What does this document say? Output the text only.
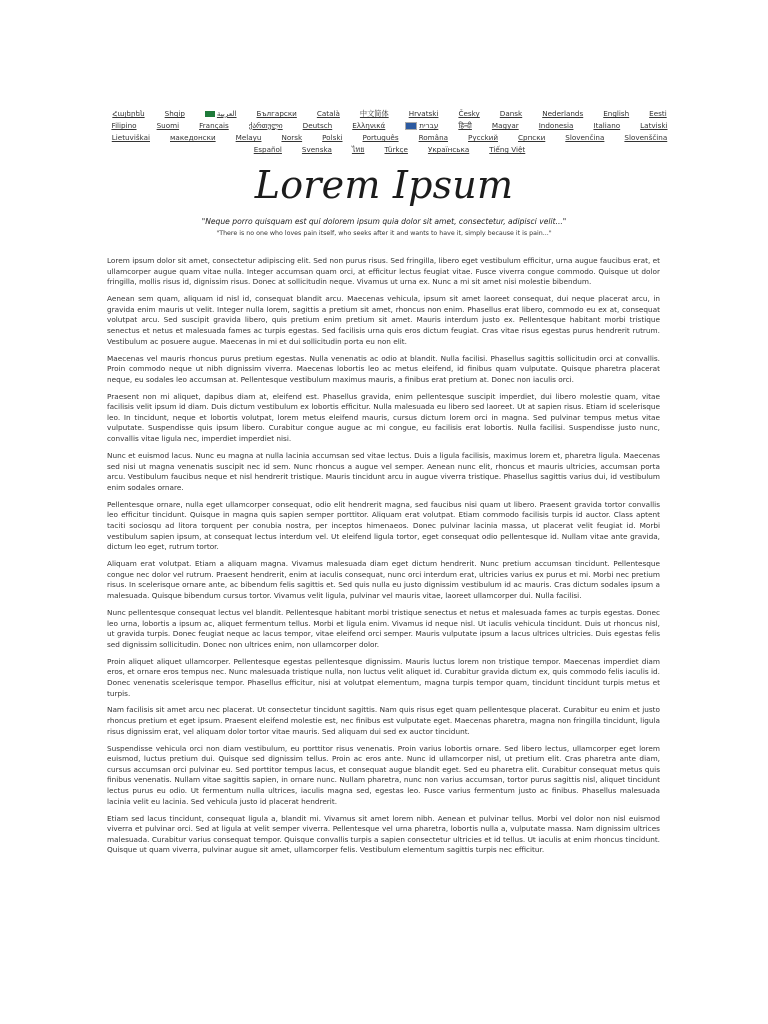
Հայերեն	Shqip	العربية	Български	Català	中文简体	Hrvatski	Česky	Dansk	Nederlands	English	Eesti
Filipino	Suomi	Français	ქართული	Deutsch	Ελληνικά	עברית	हिन्दी	Magyar	Indonesia	Italiano	Latviski
Lietuviškai	македонски	Melayu	Norsk	Polski	Português	Româna	Pycckий	Српски	Slovenčina	Slovenščina
Español	Svenska	ไทย	Türkçe	Українська	Tiếng Việt
Lorem Ipsum
"Neque porro quisquam est qui dolorem ipsum quia dolor sit amet, consectetur, adipisci velit..."
"There is no one who loves pain itself, who seeks after it and wants to have it, simply because it is pain..."

Lorem ipsum dolor sit amet, consectetur adipiscing elit. Sed non purus risus. Sed fringilla, libero eget vestibulum efficitur, urna augue faucibus erat, et ullamcorper augue quam vitae nulla. Integer accumsan quam orci, at efficitur lectus feugiat vitae. Fusce viverra congue commodo. Quisque ut dolor fringilla, mollis risus id, dignissim risus. Donec at sollicitudin neque. Vivamus ut urna ex. Nunc a mi sit amet nisi molestie bibendum.

Aenean sem quam, aliquam id nisl id, consequat blandit arcu. Maecenas vehicula, ipsum sit amet laoreet consequat, dui neque placerat arcu, in gravida enim mauris ut velit. Integer nulla lorem, sagittis a pretium sit amet, rhoncus non enim. Phasellus erat libero, commodo eu ex at, consequat volutpat arcu. Sed suscipit gravida libero, quis pretium enim pretium sit amet. Mauris interdum justo ex. Pellentesque habitant morbi tristique senectus et netus et malesuada fames ac turpis egestas. Sed facilisis urna quis eros dictum feugiat. Cras vitae risus egestas purus hendrerit rutrum. Vestibulum ac posuere augue. Maecenas in mi et dui sollicitudin porta eu non elit.

Maecenas vel mauris rhoncus purus pretium egestas. Nulla venenatis ac odio at blandit. Nulla facilisi. Phasellus sagittis sollicitudin orci at convallis. Proin commodo neque ut nibh dignissim viverra. Maecenas lobortis leo ac metus eleifend, id finibus quam vulputate. Quisque pharetra placerat neque, eu sodales leo accumsan at. Pellentesque vestibulum maximus mauris, a finibus erat pretium at. Donec non iaculis orci.

Praesent non mi aliquet, dapibus diam at, eleifend est. Phasellus gravida, enim pellentesque suscipit imperdiet, dui libero molestie quam, vitae facilisis velit ipsum id diam. Duis dictum vestibulum ex lobortis efficitur. Nulla malesuada eu libero sed laoreet. Ut at sapien risus. Etiam id scelerisque leo. In tincidunt, neque et lobortis volutpat, lorem metus eleifend mauris, cursus dictum lorem orci in magna. Sed pulvinar tempus metus vitae vulputate. Suspendisse quis ipsum libero. Curabitur congue augue ac mi congue, eu facilisis erat lobortis. Nulla facilisi. Suspendisse justo nunc, convallis vitae ligula nec, imperdiet imperdiet nisi.

Nunc et euismod lacus. Nunc eu magna at nulla lacinia accumsan sed vitae lectus. Duis a ligula facilisis, maximus lorem et, pharetra ligula. Maecenas sed nisi ut magna venenatis suscipit nec id sem. Nunc rhoncus a augue vel semper. Aenean nunc elit, rhoncus et mauris ultricies, accumsan porta arcu. Vestibulum faucibus neque et nisl hendrerit tristique. Mauris tincidunt arcu in augue viverra tristique. Phasellus sagittis varius dui, id vestibulum enim sodales ornare.

Pellentesque ornare, nulla eget ullamcorper consequat, odio elit hendrerit magna, sed faucibus nisi quam ut libero. Praesent gravida tortor convallis leo efficitur tincidunt. Quisque in magna quis sapien semper porttitor. Aliquam erat volutpat. Etiam commodo facilisis turpis id auctor. Class aptent taciti sociosqu ad litora torquent per conubia nostra, per inceptos himenaeos. Donec pulvinar lacinia massa, ut placerat velit feugiat id. Morbi vestibulum sapien ipsum, at consequat lectus interdum vel. Ut eleifend ligula tortor, eget consequat odio pellentesque id. Nullam vitae ante gravida, dictum leo eget, rutrum tortor.

Aliquam erat volutpat. Etiam a aliquam magna. Vivamus malesuada diam eget dictum hendrerit. Nunc pretium accumsan tincidunt. Pellentesque congue nec dolor vel rutrum. Praesent hendrerit, enim at iaculis consequat, nunc orci interdum erat, ultricies varius ex purus et mi. Morbi nec pretium risus. In scelerisque ornare ante, ac bibendum felis sagittis et. Sed quis nulla eu justo dignissim vestibulum id ac mauris. Cras dictum sodales ipsum a malesuada. Quisque bibendum cursus tortor. Vivamus velit ligula, pulvinar vel mauris vitae, laoreet ullamcorper dui. Nulla facilisi.

Nunc pellentesque consequat lectus vel blandit. Pellentesque habitant morbi tristique senectus et netus et malesuada fames ac turpis egestas. Donec leo urna, lobortis a ipsum ac, aliquet fermentum tellus. Morbi et ligula enim. Vivamus id neque nisl. Ut iaculis vehicula tincidunt. Duis ut rhoncus nisl, ut gravida turpis. Donec feugiat neque ac lacus tempor, vitae eleifend orci semper. Mauris vulputate ipsum a lacus ultrices ultricies. Duis egestas felis sed dignissim sollicitudin. Donec non ultrices enim, non ullamcorper dolor.

Proin aliquet aliquet ullamcorper. Pellentesque egestas pellentesque dignissim. Mauris luctus lorem non tristique tempor. Maecenas imperdiet diam eros, et ornare eros tempus nec. Nunc malesuada tristique nulla, non luctus velit aliquet id. Curabitur gravida dictum ex, quis commodo felis iaculis id. Donec venenatis scelerisque tempor. Phasellus efficitur, nisi at volutpat elementum, magna turpis tempor quam, tincidunt tincidunt turpis metus et turpis.

Nam facilisis sit amet arcu nec placerat. Ut consectetur tincidunt sagittis. Nam quis risus eget quam pellentesque placerat. Curabitur eu enim et justo rhoncus pretium et eget ipsum. Praesent eleifend molestie est, nec finibus est vulputate eget. Maecenas pharetra, magna non fringilla tincidunt, ligula risus dignissim erat, vel aliquam dolor tortor vitae mauris. Sed aliquam dui sed ex auctor tincidunt.

Suspendisse vehicula orci non diam vestibulum, eu porttitor risus venenatis. Proin varius lobortis ornare. Sed libero lectus, ullamcorper eget lorem euismod, luctus pretium dui. Quisque sed dignissim tellus. Proin ac eros ante. Nunc id ullamcorper nisl, ut pretium elit. Cras pharetra ante diam, cursus accumsan orci pulvinar eu. Sed porttitor tempus lacus, et consequat augue blandit eget. Sed eu pharetra elit. Curabitur consequat metus quis finibus venenatis. Nullam vitae sagittis sapien, in ornare nunc. Nullam pharetra, nunc non varius accumsan, tortor purus sagittis nisl, aliquet tincidunt lectus purus eu odio. Ut fermentum nulla ultrices, iaculis magna sed, egestas leo. Fusce varius fermentum justo ac finibus. Phasellus malesuada lacinia velit eu lacinia. Sed vehicula justo id placerat hendrerit.

Etiam sed lacus tincidunt, consequat ligula a, blandit mi. Vivamus sit amet lorem nibh. Aenean et pulvinar tellus. Morbi vel dolor non nisl euismod viverra et pulvinar orci. Sed at ligula at velit semper viverra. Pellentesque vel urna pharetra, lobortis nulla a, vulputate massa. Nam dignissim ultrices malesuada. Curabitur varius consequat tempor. Quisque convallis turpis a sapien consectetur ultricies et id tellus. Ut iaculis at enim rhoncus tincidunt. Quisque ut quam viverra, pulvinar augue sit amet, ullamcorper felis. Vestibulum elementum sagittis turpis nec efficitur.
